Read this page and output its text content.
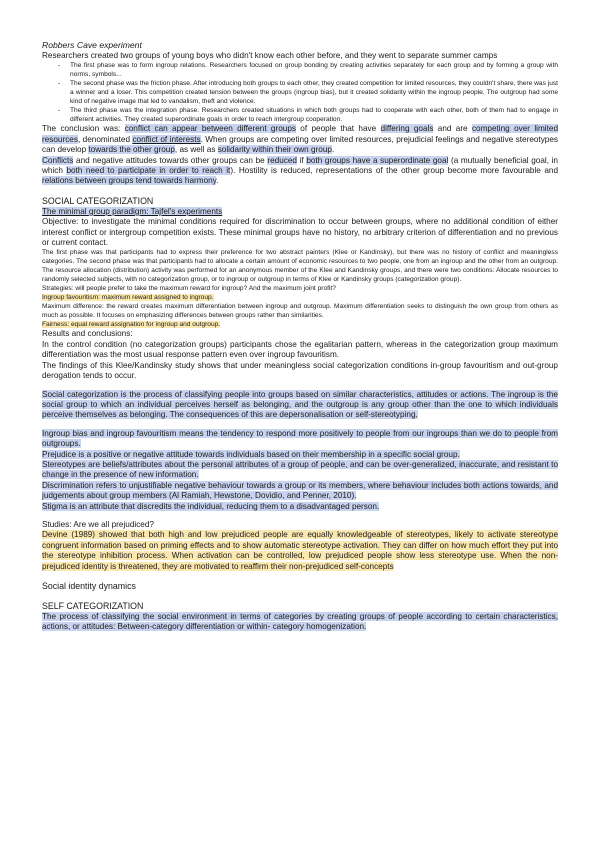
Robbers Cave experiment

Researchers created two groups of young boys who didn't know each other before, and they went to separate summer camps

-	The first phase was to form ingroup relations. Researchers focused on group bonding by creating activities separately for each group and by forming a group with norms, symbols...
-	The second phase was the friction phase. After introducing both groups to each other, they created competition for limited resources, they couldn't share, there was just a winner and a loser. This competition created tension between the groups (ingroup bias), but it created solidarity within the ingroup people. The outgroup had some kind of negative image that led to vandalism, theft and violence.
-	The third phase was the integration phase. Researchers created situations in which both groups had to cooperate with each other, both of them had to engage in different activities. They created superordinate goals in order to reach intergroup cooperation.

The conclusion was: conflict can appear between different groups of people that have differing goals and are competing over limited resources, denominated conflict of interests. When groups are competing over limited resources, prejudicial feelings and negative stereotypes can develop towards the other group, as well as solidarity within their own group.

Conflicts and negative attitudes towards other groups can be reduced if both groups have a superordinate goal (a mutually beneficial goal, in which both need to participate in order to reach it). Hostility is reduced, representations of the other group become more favourable and relations between groups tend towards harmony.

SOCIAL CATEGORIZATION

The minimal group paradigm: Tajfel's experiments

Objective: to investigate the minimal conditions required for discrimination to occur between groups, where no additional condition of either interest conflict or intergroup competition exists. These minimal groups have no history, no arbitrary criterion of differentiation and no previous or current contact.

The first phase was that participants had to express their preference for two abstract painters (Klee or Kandinsky), but there was no history of conflict and meaningless categories. The second phase was that participants had to allocate a certain amount of economic resources to two people, one from an ingroup and the other from an outgroup. The resource allocation (distribution) activity was performed for an anonymous member of the Klee and Kandinsky groups, and there were two conditions: Allocate resources to randomly selected subjects, with no categorization group, or to ingroup or outgroup in terms of Klee or Kandinsky groups (categorization group).

Strategies: will people prefer to take the maximum reward for ingroup? And the maximum joint profit?

Ingroup favouritism: maximum reward assigned to ingroup.

Maximum difference: the reward creates maximum differentiation between ingroup and outgroup. Maximum differentiation seeks to distinguish the own group from others as much as possible. It focuses on emphasizing differences between groups rather than similarities.

Fairness: equal reward assignation for ingroup and outgroup.

Results and conclusions:

In the control condition (no categorization groups) participants chose the egalitarian pattern, whereas in the categorization group maximum differentiation was the most usual response pattern even over ingroup favouritism.

The findings of this Klee/Kandinsky study shows that under meaningless social categorization conditions in-group favouritism and out-group derogation tends to occur.

Social categorization is the process of classifying people into groups based on similar characteristics, attitudes or actions. The ingroup is the social group to which an individual perceives herself as belonging, and the outgroup is any group other than the one to which individuals perceive themselves as belonging. The consequences of this are depersonalisation or self-stereotyping.

Ingroup bias and ingroup favouritism means the tendency to respond more positively to people from our ingroups than we do to people from outgroups.

Prejudice is a positive or negative attitude towards individuals based on their membership in a specific social group.

Stereotypes are beliefs/attributes about the personal attributes of a group of people, and can be over-generalized, inaccurate, and resistant to change in the presence of new information.

Discrimination refers to unjustifiable negative behaviour towards a group or its members, where behaviour includes both actions towards, and judgements about group members (Al Ramiah, Hewstone, Dovidio, and Penner, 2010).

Stigma is an attribute that discredits the individual, reducing them to a disadvantaged person.

Studies: Are we all prejudiced?

Devine (1989) showed that both high and low prejudiced people are equally knowledgeable of stereotypes, likely to activate stereotype congruent information based on priming effects and to show automatic stereotype activation. They can differ on how much effort they put into the stereotype inhibition process. When activation can be controlled, low prejudiced people show less stereotype use. When the non-prejudiced identity is threatened, they are motivated to reaffirm their non-prejudiced self-concepts

Social identity dynamics

SELF CATEGORIZATION

The process of classifying the social environment in terms of categories by creating groups of people according to certain characteristics, actions, or attitudes: Between-category differentiation or within- category homogenization.
